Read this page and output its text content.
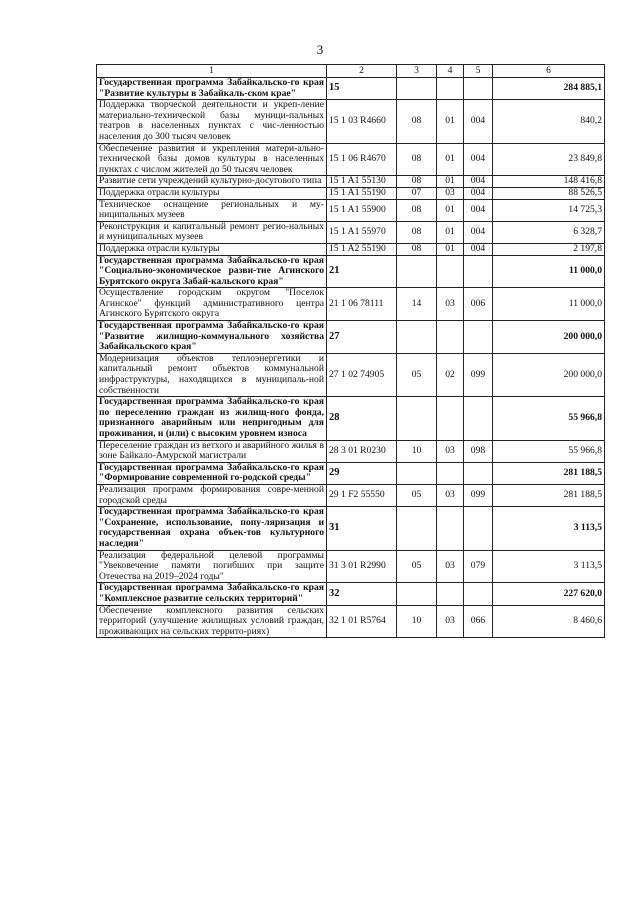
3
1	2	3	4	5	6
Государственная программа Забайкальско-го края "Развитие культуры в Забайкаль-ском крае"	15				284 885,1
Поддержка творческой деятельности и укреп-ление материально-технической базы муници-пальных театров в населенных пунктах с чис-ленностью населения до 300 тысяч человек	15 1 03 R4660	08	01	004	840,2
Обеспечение развития и укрепления матери-ально-технической базы домов культуры в населенных пунктах с числом жителей до 50 тысяч человек	15 1 06 R4670	08	01	004	23 849,8
Развитие сети учреждений культурно-досугового типа	15 1 A1 55130	08	01	004	148 416,8
Поддержка отрасли культуры	15 1 A1 55190	07	03	004	88 526,5
Техническое оснащение региональных и му-ниципальных музеев	15 1 A1 55900	08	01	004	14 725,3
Реконструкция и капитальный ремонт регио-нальных и муниципальных музеев	15 1 A1 55970	08	01	004	6 328,7
Поддержка отрасли культуры	15 1 A2 55190	08	01	004	2 197,8
Государственная программа Забайкальско-го края "Социально-экономическое разви-тие Агинского Бурятского округа Забай-кальского края"	21				11 000,0
Осуществление городским округом "Поселок Агинское" функций административного центра Агинского Бурятского округа	21 1 06 78111	14	03	006	11 000,0
Государственная программа Забайкальско-го края "Развитие жилищно-коммунального хозяйства Забайкальского края"	27				200 000,0
Модернизация объектов теплоэнергетики и капитальный ремонт объектов коммунальной инфраструктуры, находящихся в муниципаль-ной собственности	27 1 02 74905	05	02	099	200 000,0
Государственная программа Забайкальско-го края по переселению граждан из жилищ-ного фонда, признанного аварийным или непригодным для проживания, и (или) с высоким уровнем износа	28				55 966,8
Переселение граждан из ветхого и аварийного жилья в зоне Байкало-Амурской магистрали	28 3 01 R0230	10	03	098	55 966,8
Государственная программа Забайкальско-го края "Формирование современной го-родской среды"	29				281 188,5
Реализация программ формирования совре-менной городской среды	29 1 F2 55550	05	03	099	281 188,5
Государственная программа Забайкальско-го края "Сохранение, использование, попу-ляризация и государственная охрана объек-тов культурного наследия"	31				3 113,5
Реализация федеральной целевой программы "Увековечение памяти погибших при защите Отечества на 2019–2024 годы"	31 3 01 R2990	05	03	079	3 113,5
Государственная программа Забайкальско-го края "Комплексное развитие сельских территорий"	32				227 620,0
Обеспечение комплексного развития сельских территорий (улучшение жилищных условий граждан, проживающих на сельских террито-риях)	32 1 01 R5764	10	03	066	8 460,6
